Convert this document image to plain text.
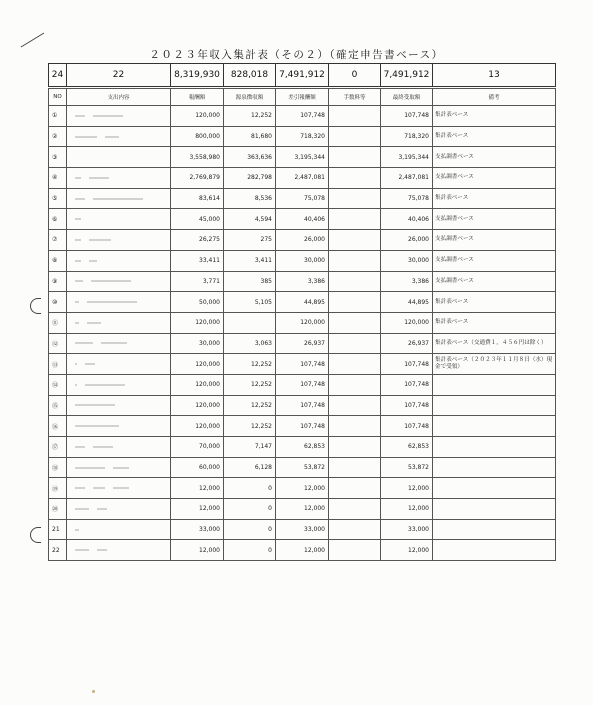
２０２３年収入集計表（その２）（確定申告書ベース）
24	22	8,319,930	828,018	7,491,912	0	7,491,912	13
NO	支出内容	報酬額	源泉徴収額	差引報酬額	手数料等	最終受取額	備考
①		120,000	12,252	107,748		107,748	集計表ベース
②		800,000	81,680	718,320		718,320	集計表ベース
③		3,558,980	363,636	3,195,344		3,195,344	支払調書ベース
④		2,769,879	282,798	2,487,081		2,487,081	支払調書ベース
⑤		83,614	8,536	75,078		75,078	集計表ベース
⑥		45,000	4,594	40,406		40,406	支払調書ベース
⑦		26,275	275	26,000		26,000	支払調書ベース
⑧		33,411	3,411	30,000		30,000	支払調書ベース
⑨		3,771	385	3,386		3,386	支払調書ベース
⑩		50,000	5,105	44,895		44,895	集計表ベース
⑪		120,000		120,000		120,000	集計表ベース
⑫		30,000	3,063	26,937		26,937	集計表ベース（交通費１，４５６円は除く）
⑬		120,000	12,252	107,748		107,748	集計表ベース（２０２３年１１月８日（水）現金で受領）
⑭		120,000	12,252	107,748		107,748	
⑮		120,000	12,252	107,748		107,748	
⑯		120,000	12,252	107,748		107,748	
⑰		70,000	7,147	62,853		62,853	
⑱		60,000	6,128	53,872		53,872	
⑲		12,000	0	12,000		12,000	
⑳		12,000	0	12,000		12,000	
21		33,000	0	33,000		33,000	
22		12,000	0	12,000		12,000	
